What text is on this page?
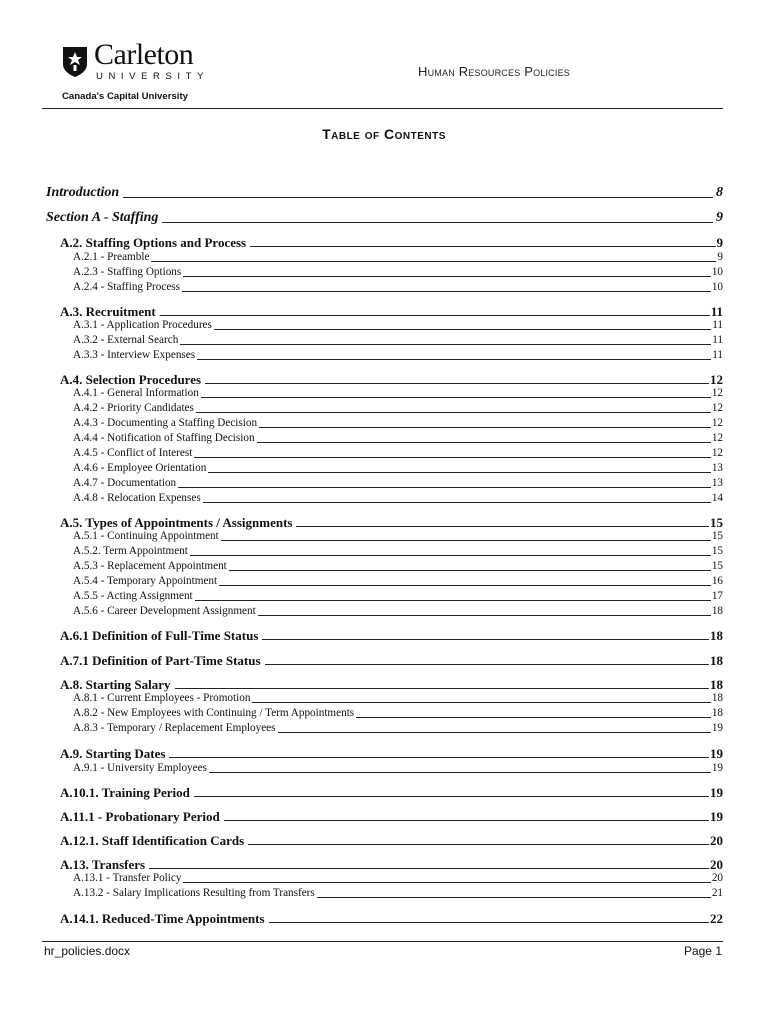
Carleton
UNIVERSITY
Canada's Capital University
Human Resources Policies
Table of Contents
Introduction	8
Section A - Staffing	9
A.2. Staffing Options and Process	9
A.2.1 - Preamble	9
A.2.3 - Staffing Options	10
A.2.4 - Staffing Process	10
A.3. Recruitment	11
A.3.1 - Application Procedures	11
A.3.2 - External Search	11
A.3.3 - Interview Expenses	11
A.4. Selection Procedures	12
A.4.1 - General Information	12
A.4.2 - Priority Candidates	12
A.4.3 - Documenting a Staffing Decision	12
A.4.4 - Notification of Staffing Decision	12
A.4.5 - Conflict of Interest	12
A.4.6 - Employee Orientation	13
A.4.7 - Documentation	13
A.4.8 - Relocation Expenses	14
A.5. Types of Appointments / Assignments	15
A.5.1 - Continuing Appointment	15
A.5.2. Term Appointment	15
A.5.3 - Replacement Appointment	15
A.5.4 - Temporary Appointment	16
A.5.5 - Acting Assignment	17
A.5.6 - Career Development Assignment	18
A.6.1 Definition of Full-Time Status	18
A.7.1 Definition of Part-Time Status	18
A.8. Starting Salary	18
A.8.1 - Current Employees - Promotion	18
A.8.2 - New Employees with Continuing / Term Appointments	18
A.8.3 - Temporary / Replacement Employees	19
A.9. Starting Dates	19
A.9.1 - University Employees	19
A.10.1. Training Period	19
A.11.1 - Probationary Period	19
A.12.1. Staff Identification Cards	20
A.13. Transfers	20
A.13.1 - Transfer Policy	20
A.13.2 - Salary Implications Resulting from Transfers	21
A.14.1. Reduced-Time Appointments	22
hr_policies.docx	Page 1
